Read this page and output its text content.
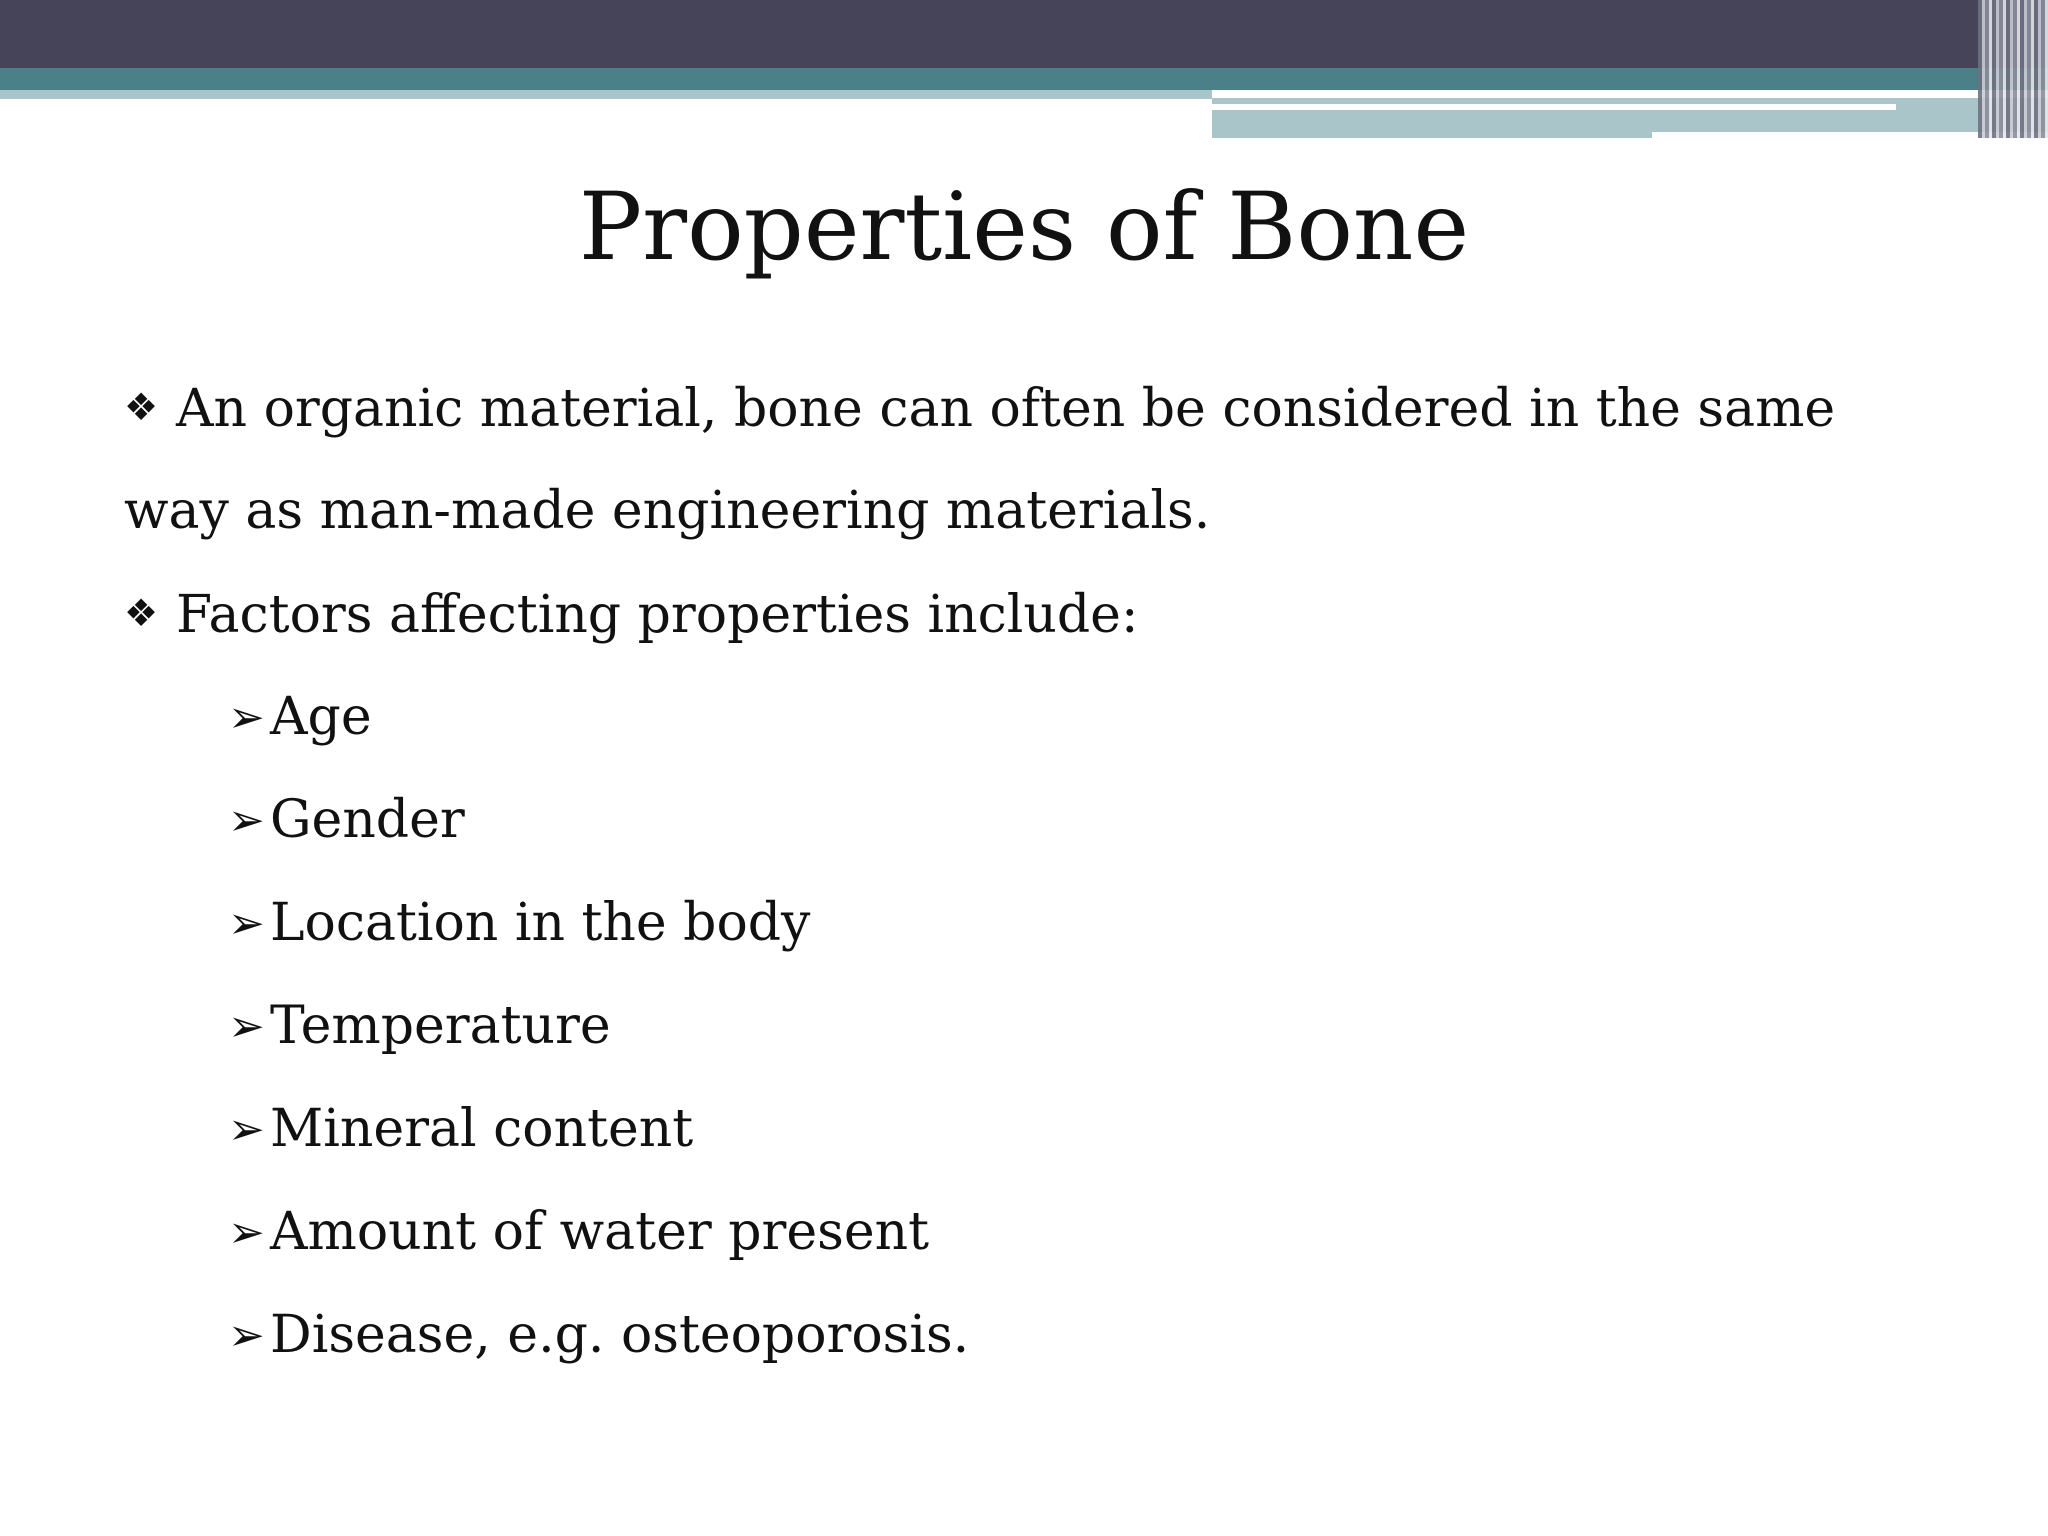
Properties of Bone

❖ An organic material, bone can often be considered in the same way as man-made engineering materials.

❖ Factors affecting properties include:

➢Age
➢Gender
➢Location in the body
➢Temperature
➢Mineral content
➢Amount of water present
➢Disease, e.g. osteoporosis.
